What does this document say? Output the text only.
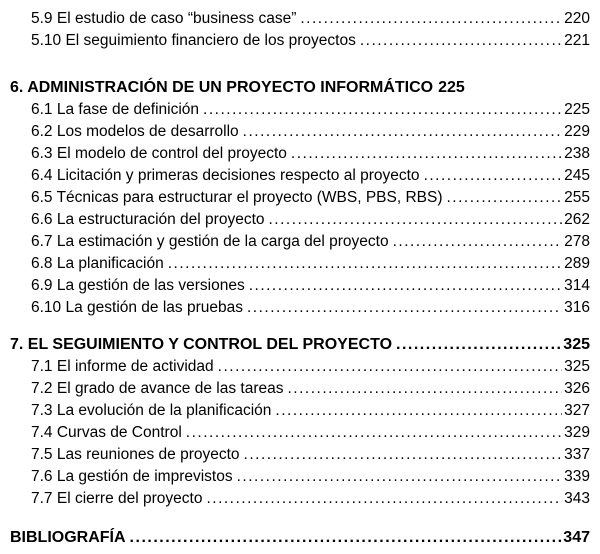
5.9 El estudio de caso “business case” .....	220
5.10 El seguimiento financiero de los proyectos .....	221
6. ADMINISTRACIÓN DE UN PROYECTO INFORMÁTICO 225
6.1 La fase de definición .....	225
6.2 Los modelos de desarrollo .....	229
6.3 El modelo de control del proyecto .....	238
6.4 Licitación y primeras decisiones respecto al proyecto .....	245
6.5 Técnicas para estructurar el proyecto (WBS, PBS, RBS) .....	255
6.6 La estructuración del proyecto .....	262
6.7 La estimación y gestión de la carga del proyecto .....	278
6.8 La planificación .....	289
6.9 La gestión de las versiones .....	314
6.10 La gestión de las pruebas .....	316
7. EL SEGUIMIENTO Y CONTROL DEL PROYECTO .....	325
7.1 El informe de actividad .....	325
7.2 El grado de avance de las tareas .....	326
7.3 La evolución de la planificación .....	327
7.4 Curvas de Control .....	329
7.5 Las reuniones de proyecto .....	337
7.6 La gestión de imprevistos .....	339
7.7 El cierre del proyecto .....	343
BIBLIOGRAFÍA .....	347
